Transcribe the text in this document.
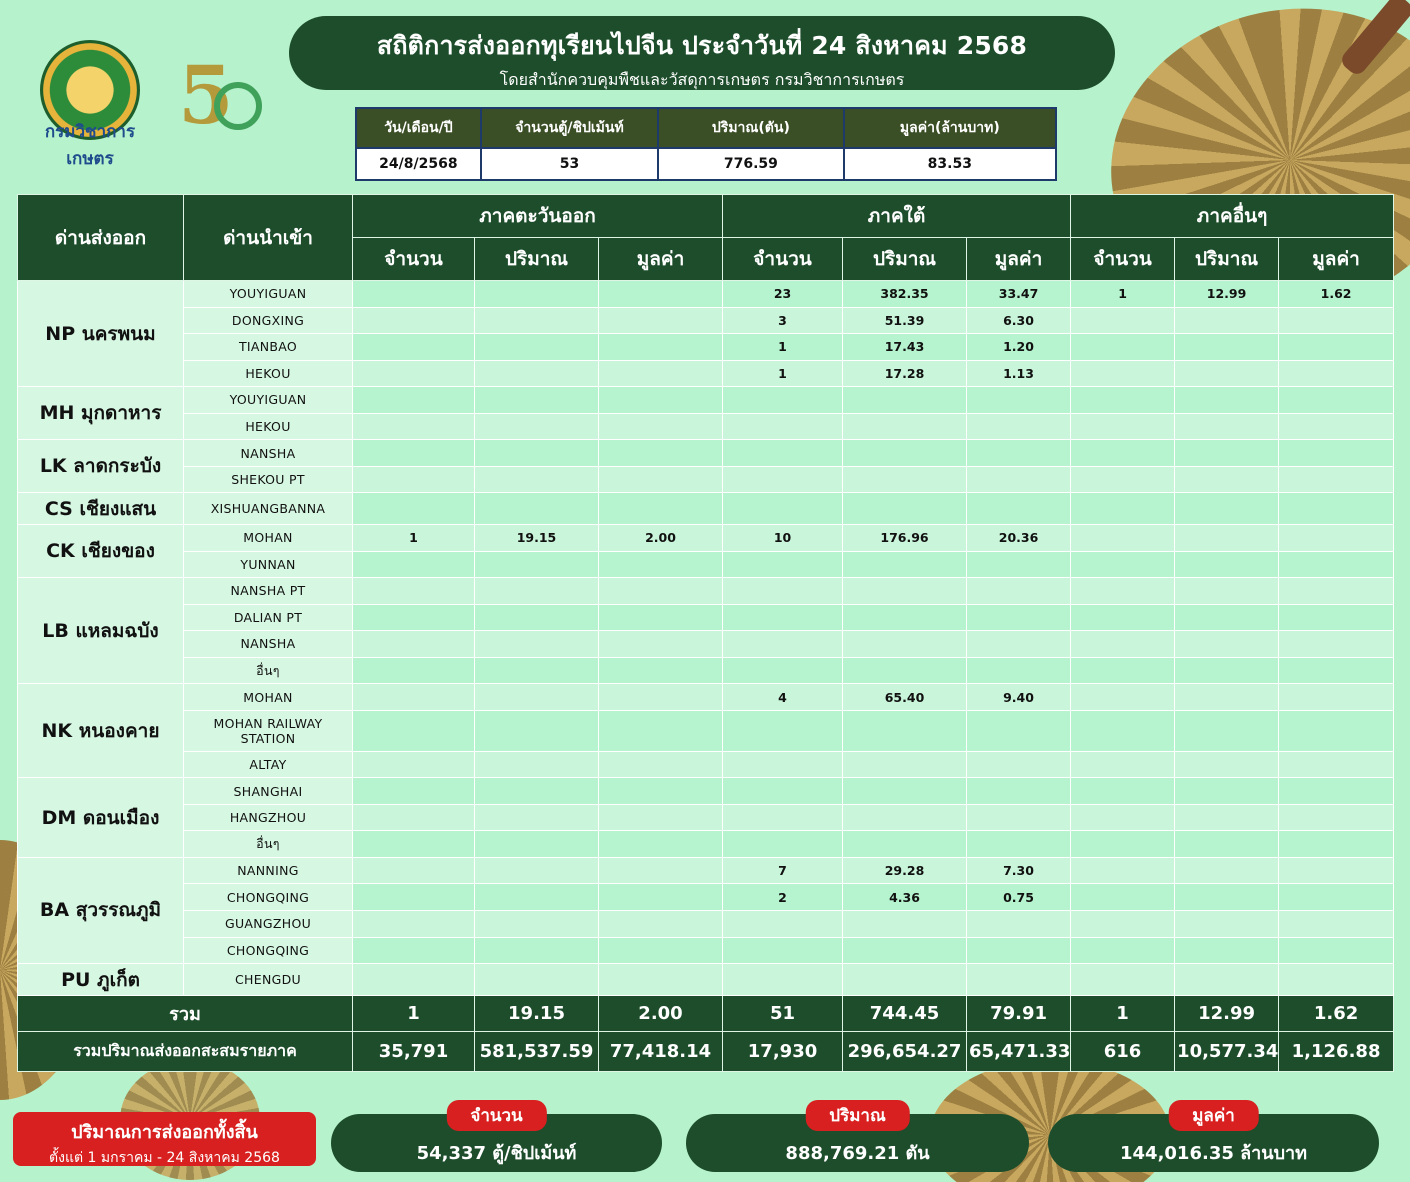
กรมวิชาการเกษตร
5
สถิติการส่งออกทุเรียนไปจีน ประจำวันที่ 24 สิงหาคม 2568
โดยสำนักควบคุมพืชและวัสดุการเกษตร กรมวิชาการเกษตร
วัน/เดือน/ปี	จำนวนตู้/ชิปเม้นท์	ปริมาณ(ตัน)	มูลค่า(ล้านบาท)
24/8/2568	53	776.59	83.53
ด่านส่งออก	ด่านนำเข้า	ภาคตะวันออก			ภาคใต้			ภาคอื่นๆ		
		จำนวน	ปริมาณ	มูลค่า	จำนวน	ปริมาณ	มูลค่า	จำนวน	ปริมาณ	มูลค่า
NP นครพนม	YOUYIGUAN				23	382.35	33.47	1	12.99	1.62
	DONGXING				3	51.39	6.30			
	TIANBAO				1	17.43	1.20			
	HEKOU				1	17.28	1.13			
MH มุกดาหาร	YOUYIGUAN									
	HEKOU									
LK ลาดกระบัง	NANSHA									
	SHEKOU PT									
CS เชียงแสน	XISHUANGBANNA									
CK เชียงของ	MOHAN	1	19.15	2.00	10	176.96	20.36			
	YUNNAN									
LB แหลมฉบัง	NANSHA PT									
	DALIAN PT									
	NANSHA									
	อื่นๆ									
NK หนองคาย	MOHAN				4	65.40	9.40			
	MOHAN RAILWAY STATION									
	ALTAY									
DM ดอนเมือง	SHANGHAI									
	HANGZHOU									
	อื่นๆ									
BA สุวรรณภูมิ	NANNING				7	29.28	7.30			
	CHONGQING				2	4.36	0.75			
	GUANGZHOU									
	CHONGQING									
PU ภูเก็ต	CHENGDU									
รวม		1	19.15	2.00	51	744.45	79.91	1	12.99	1.62
รวมปริมาณส่งออกสะสมรายภาค		35,791	581,537.59	77,418.14	17,930	296,654.27	65,471.33	616	10,577.34	1,126.88
ปริมาณการส่งออกทั้งสิ้น
ตั้งแต่ 1 มกราคม - 24 สิงหาคม 2568
จำนวน
54,337 ตู้/ชิปเม้นท์
ปริมาณ
888,769.21 ตัน
มูลค่า
144,016.35 ล้านบาท
